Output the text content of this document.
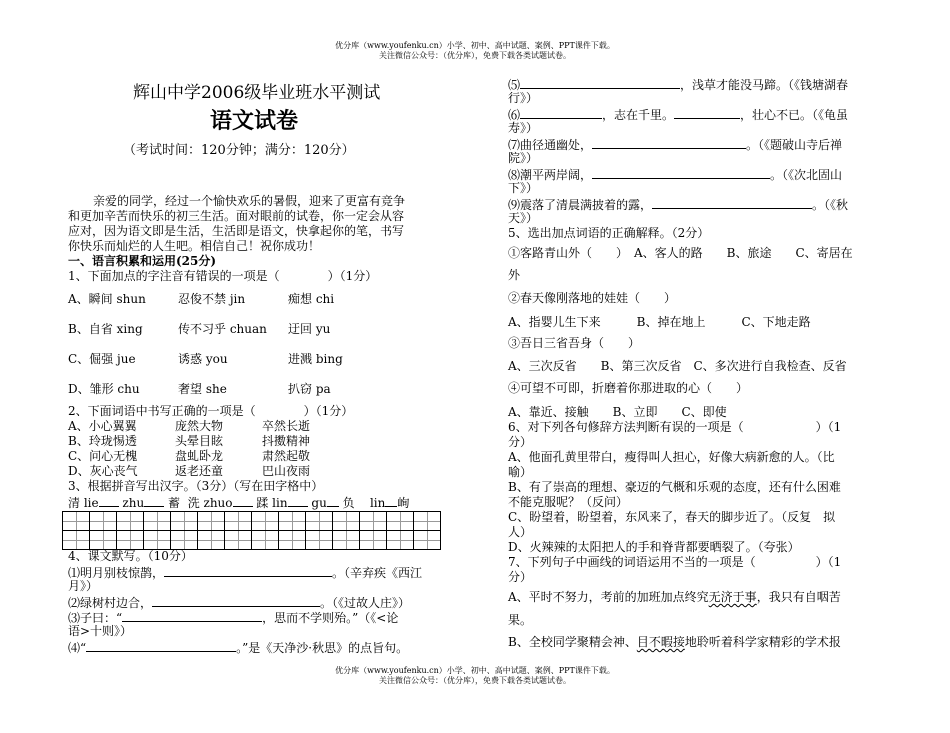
优分库（www.youfenku.cn）小学、初中、高中试题、案例、PPT课件下载。
关注微信公众号：（优分库），免费下载各类试题试卷。
辉山中学2006级毕业班水平测试
语文试卷
（考试时间：120分钟；满分：120分）
亲爱的同学，经过一个愉快欢乐的暑假，迎来了更富有竞争
和更加辛苦而快乐的初三生活。面对眼前的试卷，你一定会从容
应对，因为语文即是生活，生活即是语文，快拿起你的笔，书写
你快乐而灿烂的人生吧。相信自己！祝你成功！
一、语言积累和运用(25分)
1、下面加点的字注音有错误的一项是（　　　　）（1分）
A、瞬间 shun	忍俊不禁 jin	痴想 chi
B、自省 xing	传不习乎 chuan 迂回 yu
C、倔强 jue	诱惑 you	进溅 bing
D、雏形 chu	奢望 she	扒窃 pa
2、下面词语中书写正确的一项是（　　　　）（1分）
A、小心翼翼	庞然大物	卒然长逝
B、玲珑惕透	头晕目眩	抖擞精神
C、问心无槐	盘虬卧龙	肃然起敬
D、灰心丧气	返老还童	巴山夜雨
3、根据拼音写出汉字。（3分）（写在田字格中）
清 lie zhu 蓄 洗 zhuo 蹂 lin gu 负 lin 峋

4、课文默写。（10分）
⑴明月别枝惊鹊，	。（辛弃疾《西江
月》）
⑵绿树村边合，	。（《过故人庄》）
⑶子曰：“	，思而不学则殆。”（《<论
语>十则》）
⑷“	。”是《天净沙·秋思》的点旨句。
⑸	，浅草才能没马蹄。（《钱塘湖春
行》）
⑹	，志在千里。	，壮心不已。（《龟虽
寿》）
⑺曲径通幽处，	。（《题破山寺后禅
院》）
⑻潮平两岸阔，	。（《次北固山
下》）
⑼震落了清晨满披着的露，	。（《秋
天》）
5、选出加点词语的正确解释。（2分）
①客路青山外（　　）　A、客人的路　　B、旅途　　C、寄居在
外
②春天像刚落地的娃娃（　　）
A、指婴儿生下来　　　B、掉在地上　　　C、下地走路
③吾日三省吾身（　　）
A、三次反省　　B、第三次反省　C、多次进行自我检查、反省
④可望不可即，折磨着你那进取的心（　　）
A、靠近、接触　　B、立即　　C、即使
6、对下列各句修辞方法判断有误的一项是（　　　　　　）（1
分）
A、他面孔黄里带白，瘦得叫人担心，好像大病新愈的人。（比
喻）
B、有了崇高的理想、豪迈的气概和乐观的态度，还有什么困难
不能克服呢？（反问）
C、盼望着，盼望着，东风来了，春天的脚步近了。（反复　拟
人）
D、火辣辣的太阳把人的手和脊背都要晒裂了。（夸张）
7、下列句子中画线的词语运用不当的一项是（　　　　　）（1
分）
A、平时不努力，考前的加班加点终究无济于事，我只有自咽苦
果。
B、全校同学聚精会神、目不暇接地聆听着科学家精彩的学术报
优分库（www.youfenku.cn）小学、初中、高中试题、案例、PPT课件下载。
关注微信公众号：（优分库），免费下载各类试题试卷。
